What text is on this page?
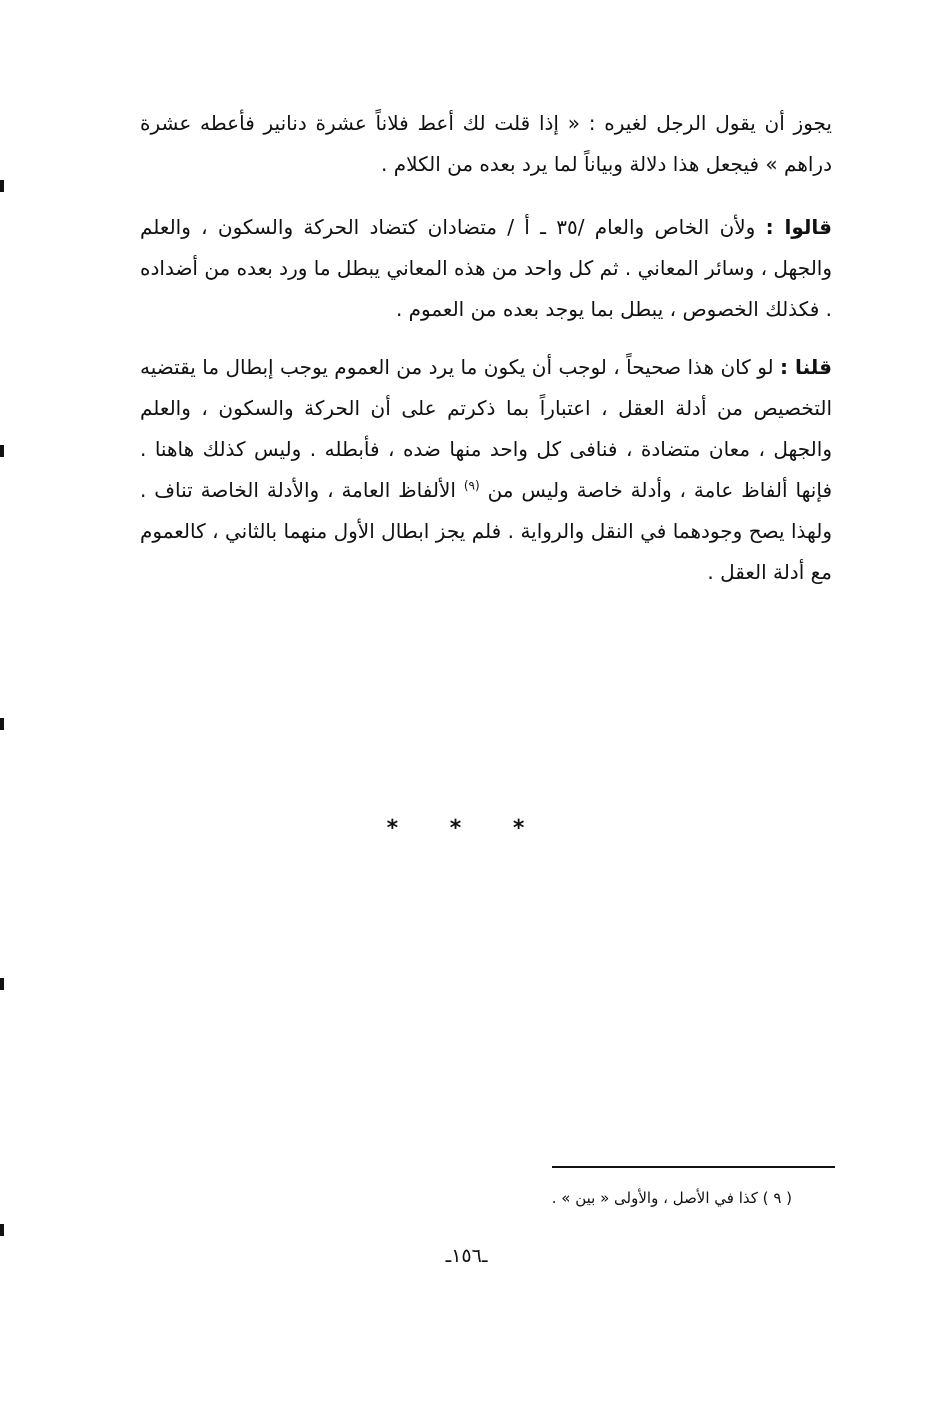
يجوز أن يقول الرجل لغيره : « إذا قلت لك أعط فلاناً عشرة دنانير فأعطه عشرة دراهم » فيجعل هذا دلالة وبياناً لما يرد بعده من الكلام .

قالوا : ولأن الخاص والعام /٣٥ ـ أ / متضادان كتضاد الحركة والسكون ، والعلم والجهل ، وسائر المعاني . ثم كل واحد من هذه المعاني يبطل ما ورد بعده من أضداده . فكذلك الخصوص ، يبطل بما يوجد بعده من العموم .

قلنا : لو كان هذا صحيحاً ، لوجب أن يكون ما يرد من العموم يوجب إبطال ما يقتضيه التخصيص من أدلة العقل ، اعتباراً بما ذكرتم على أن الحركة والسكون ، والعلم والجهل ، معان متضادة ، فنافى كل واحد منها ضده ، فأبطله . وليس كذلك هاهنا . فإنها ألفاظ عامة ، وأدلة خاصة وليس من $^{(٩)}$ الألفاظ العامة ، والأدلة الخاصة تناف . ولهذا يصح وجودهما في النقل والرواية . فلم يجز ابطال الأول منهما بالثاني ، كالعموم مع أدلة العقل .

* * *
( ٩ ) كذا في الأصل ، والأولى « بين » .
ـ١٥٦ـ
